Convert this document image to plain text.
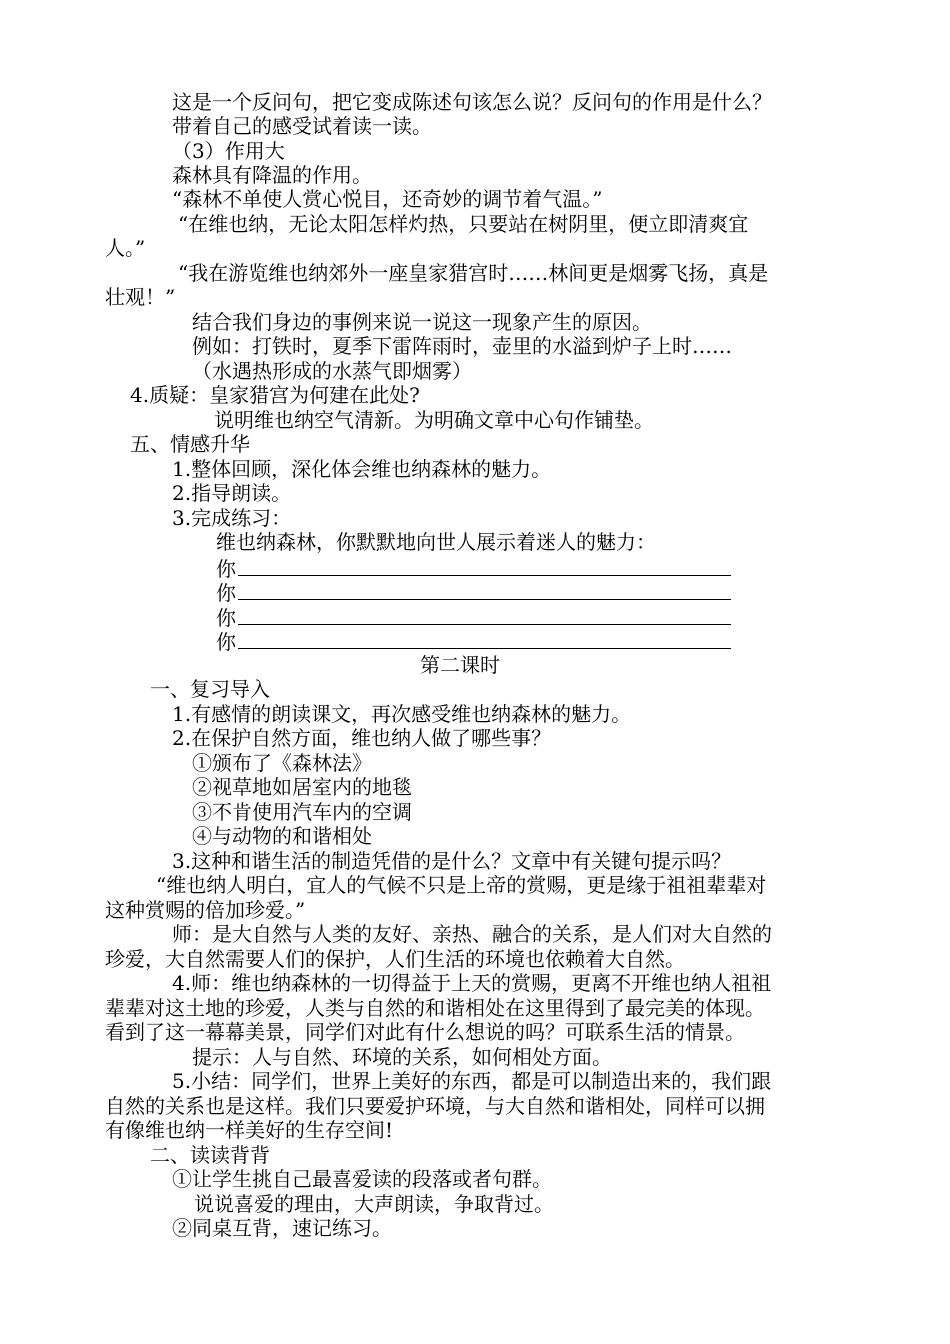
这是一个反问句，把它变成陈述句该怎么说？反问句的作用是什么？
带着自己的感受试着读一读。
（3）作用大
森林具有降温的作用。
“森林不单使人赏心悦目，还奇妙的调节着气温。”
“在维也纳，无论太阳怎样灼热，只要站在树阴里，便立即清爽宜
人。”
“我在游览维也纳郊外一座皇家猎宫时……林间更是烟雾飞扬，真是
壮观！”
结合我们身边的事例来说一说这一现象产生的原因。
例如：打铁时，夏季下雷阵雨时，壶里的水溢到炉子上时……
（水遇热形成的水蒸气即烟雾）
4.质疑：皇家猎宫为何建在此处?
说明维也纳空气清新。为明确文章中心句作铺垫。
五、情感升华
1.整体回顾，深化体会维也纳森林的魅力。
2.指导朗读。
3.完成练习：
维也纳森林，你默默地向世人展示着迷人的魅力：
你
你
你
你
第二课时
一、复习导入
1.有感情的朗读课文，再次感受维也纳森林的魅力。
2.在保护自然方面，维也纳人做了哪些事？
①颁布了《森林法》
②视草地如居室内的地毯
③不肯使用汽车内的空调
④与动物的和谐相处
3.这种和谐生活的制造凭借的是什么？文章中有关键句提示吗？
“维也纳人明白，宜人的气候不只是上帝的赏赐，更是缘于祖祖辈辈对
这种赏赐的倍加珍爱。”
师：是大自然与人类的友好、亲热、融合的关系，是人们对大自然的
珍爱，大自然需要人们的保护，人们生活的环境也依赖着大自然。
4.师：维也纳森林的一切得益于上天的赏赐，更离不开维也纳人祖祖
辈辈对这土地的珍爱，人类与自然的和谐相处在这里得到了最完美的体现。
看到了这一幕幕美景，同学们对此有什么想说的吗？可联系生活的情景。
提示：人与自然、环境的关系，如何相处方面。
5.小结：同学们，世界上美好的东西，都是可以制造出来的，我们跟
自然的关系也是这样。我们只要爱护环境，与大自然和谐相处，同样可以拥
有像维也纳一样美好的生存空间!
二、读读背背
①让学生挑自己最喜爱读的段落或者句群。
说说喜爱的理由，大声朗读，争取背过。
②同桌互背，速记练习。
